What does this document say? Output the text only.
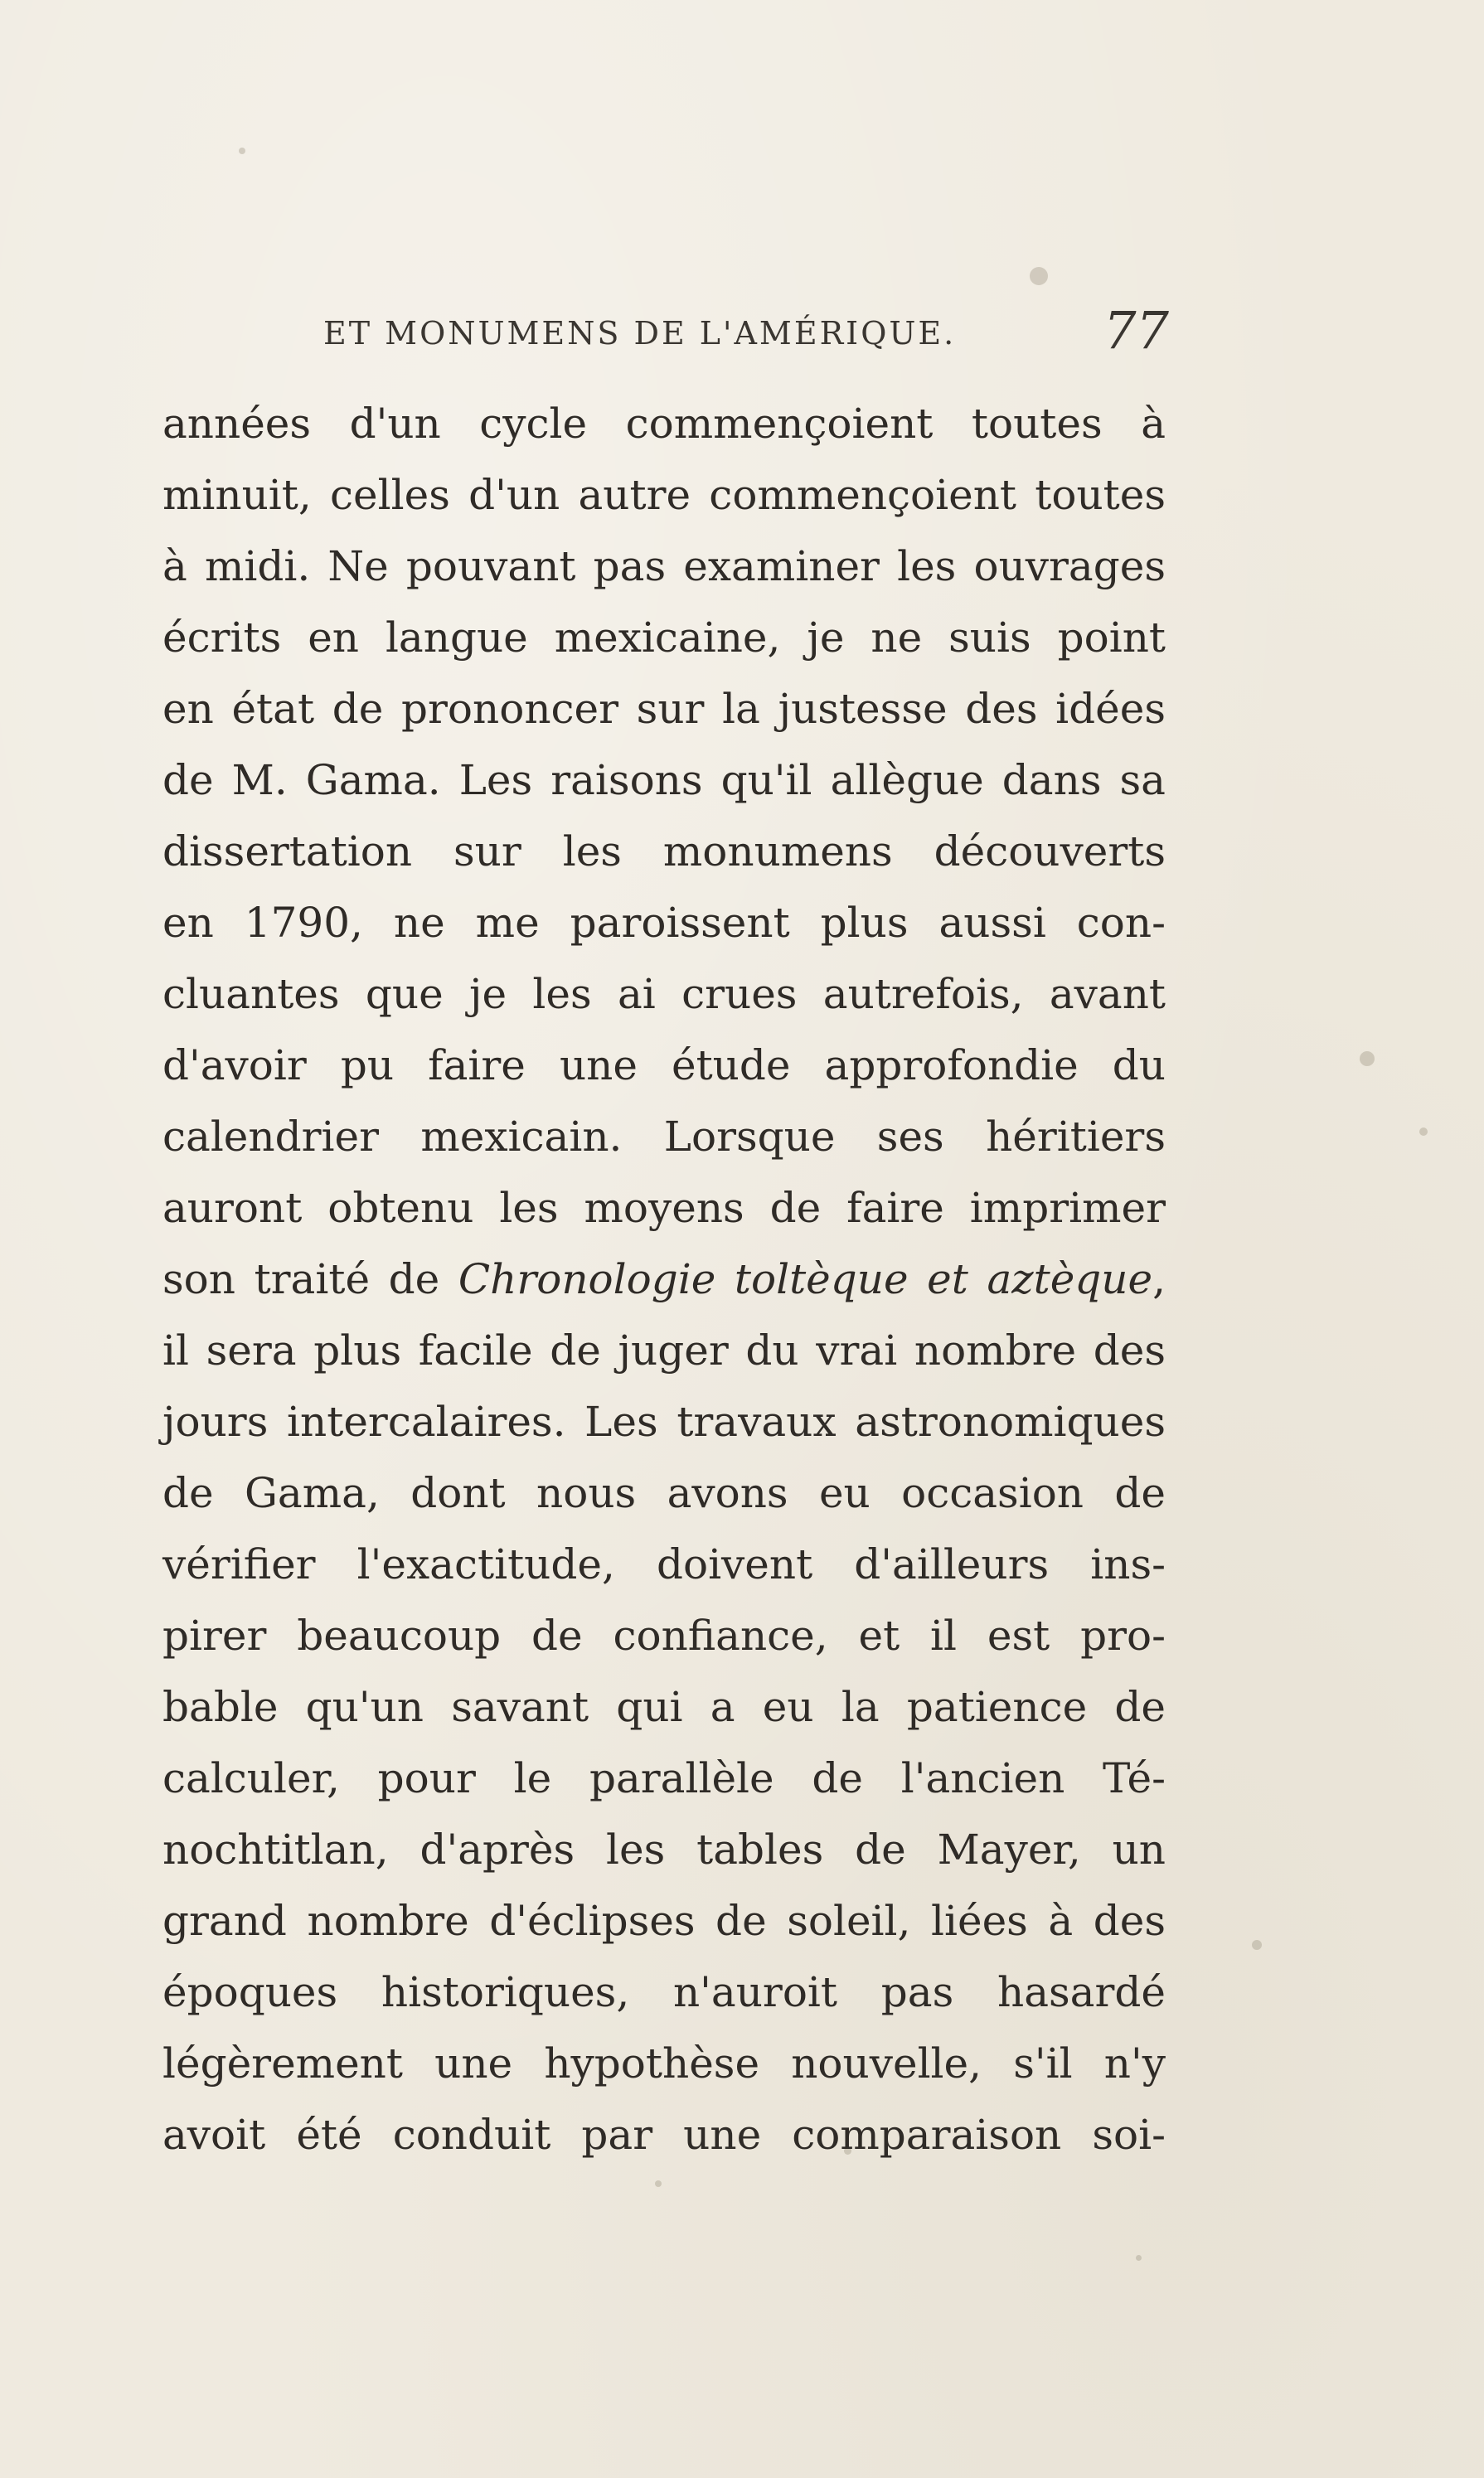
ET MONUMENS DE L'AMÉRIQUE.	77
années d'un cycle commençoient toutes à
minuit, celles d'un autre commençoient toutes
à midi. Ne pouvant pas examiner les ouvrages
écrits en langue mexicaine, je ne suis point
en état de prononcer sur la justesse des idées
de M. Gama. Les raisons qu'il allègue dans sa
dissertation sur les monumens découverts
en 1790, ne me paroissent plus aussi con-
cluantes que je les ai crues autrefois, avant
d'avoir pu faire une étude approfondie du
calendrier mexicain. Lorsque ses héritiers
auront obtenu les moyens de faire imprimer
son traité de Chronologie toltèque et aztèque,
il sera plus facile de juger du vrai nombre des
jours intercalaires. Les travaux astronomiques
de Gama, dont nous avons eu occasion de
vérifier l'exactitude, doivent d'ailleurs ins-
pirer beaucoup de confiance, et il est pro-
bable qu'un savant qui a eu la patience de
calculer, pour le parallèle de l'ancien Té-
nochtitlan, d'après les tables de Mayer, un
grand nombre d'éclipses de soleil, liées à des
époques historiques, n'auroit pas hasardé
légèrement une hypothèse nouvelle, s'il n'y
avoit été conduit par une comparaison soi-
